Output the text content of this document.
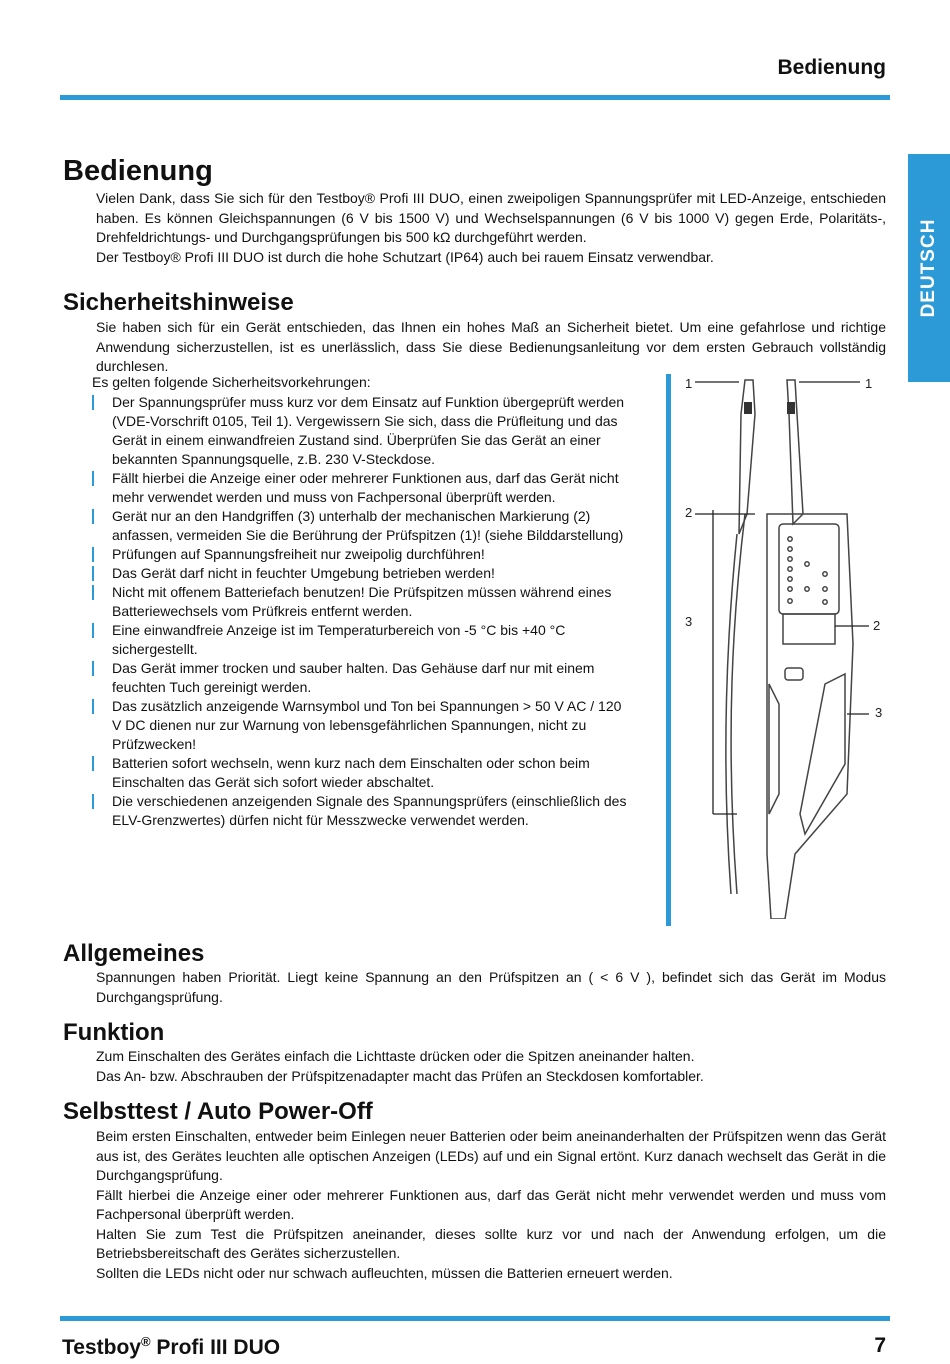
Bedienung
DEUTSCH
Bedienung

Vielen Dank, dass Sie sich für den Testboy® Profi III DUO, einen zweipoligen Spannungsprüfer mit LED-Anzeige, entschieden haben. Es können Gleichspannungen (6 V bis 1500 V) und Wechselspannungen (6 V bis 1000 V) gegen Erde, Polaritäts-, Drehfeldrichtungs- und Durchgangsprüfungen bis 500 kΩ durchgeführt werden.

Der Testboy® Profi III DUO ist durch die hohe Schutzart (IP64) auch bei rauem Einsatz verwendbar.

Sicherheitshinweise

Sie haben sich für ein Gerät entschieden, das Ihnen ein hohes Maß an Sicherheit bietet. Um eine gefahrlose und richtige Anwendung sicherzustellen, ist es unerlässlich, dass Sie diese Bedienungsanleitung vor dem ersten Gebrauch vollständig durchlesen.

Es gelten folgende Sicherheitsvorkehrungen:
Der Spannungsprüfer muss kurz vor dem Einsatz auf Funktion übergeprüft werden (VDE-Vorschrift 0105, Teil 1). Vergewissern Sie sich, dass die Prüfleitung und das Gerät in einem einwandfreien Zustand sind. Überprüfen Sie das Gerät an einer bekannten Spannungsquelle, z.B. 230 V-Steckdose.
Fällt hierbei die Anzeige einer oder mehrerer Funktionen aus, darf das Gerät nicht mehr verwendet werden und muss von Fachpersonal überprüft werden.
Gerät nur an den Handgriffen (3) unterhalb der mechanischen Markierung (2) anfassen, vermeiden Sie die Berührung der Prüfspitzen (1)! (siehe Bilddarstellung)
Prüfungen auf Spannungsfreiheit nur zweipolig durchführen!
Das Gerät darf nicht in feuchter Umgebung betrieben werden!
Nicht mit offenem Batteriefach benutzen! Die Prüfspitzen müssen während eines Batteriewechsels vom Prüfkreis entfernt werden.
Eine einwandfreie Anzeige ist im Temperaturbereich von -5 °C bis +40 °C sichergestellt.
Das Gerät immer trocken und sauber halten. Das Gehäuse darf nur mit einem feuchten Tuch gereinigt werden.
Das zusätzlich anzeigende Warnsymbol und Ton bei Spannungen > 50 V AC / 120 V DC dienen nur zur Warnung von lebensgefährlichen Spannungen, nicht zu Prüfzwecken!
Batterien sofort wechseln, wenn kurz nach dem Einschalten oder schon beim Einschalten das Gerät sich sofort wieder abschaltet.
Die verschiedenen anzeigenden Signale des Spannungsprüfers (einschließlich des ELV-Grenzwertes) dürfen nicht für Messzwecke verwendet werden.
1	1
2
2
3
3
Allgemeines

Spannungen haben Priorität. Liegt keine Spannung an den Prüfspitzen an ( < 6 V ), befindet sich das Gerät im Modus Durchgangsprüfung.

Funktion

Zum Einschalten des Gerätes einfach die Lichttaste drücken oder die Spitzen aneinander halten.

Das An- bzw. Abschrauben der Prüfspitzenadapter macht das Prüfen an Steckdosen komfortabler.

Selbsttest / Auto Power-Off

Beim ersten Einschalten, entweder beim Einlegen neuer Batterien oder beim aneinanderhalten der Prüfspitzen wenn das Gerät aus ist, des Gerätes leuchten alle optischen Anzeigen (LEDs) auf und ein Signal ertönt. Kurz danach wechselt das Gerät in die Durchgangsprüfung.

Fällt hierbei die Anzeige einer oder mehrerer Funktionen aus, darf das Gerät nicht mehr verwendet werden und muss vom Fachpersonal überprüft werden.

Halten Sie zum Test die Prüfspitzen aneinander, dieses sollte kurz vor und nach der Anwendung erfolgen, um die Betriebsbereitschaft des Gerätes sicherzustellen.

Sollten die LEDs nicht oder nur schwach aufleuchten, müssen die Batterien erneuert werden.

Testboy® Profi III DUO	7
